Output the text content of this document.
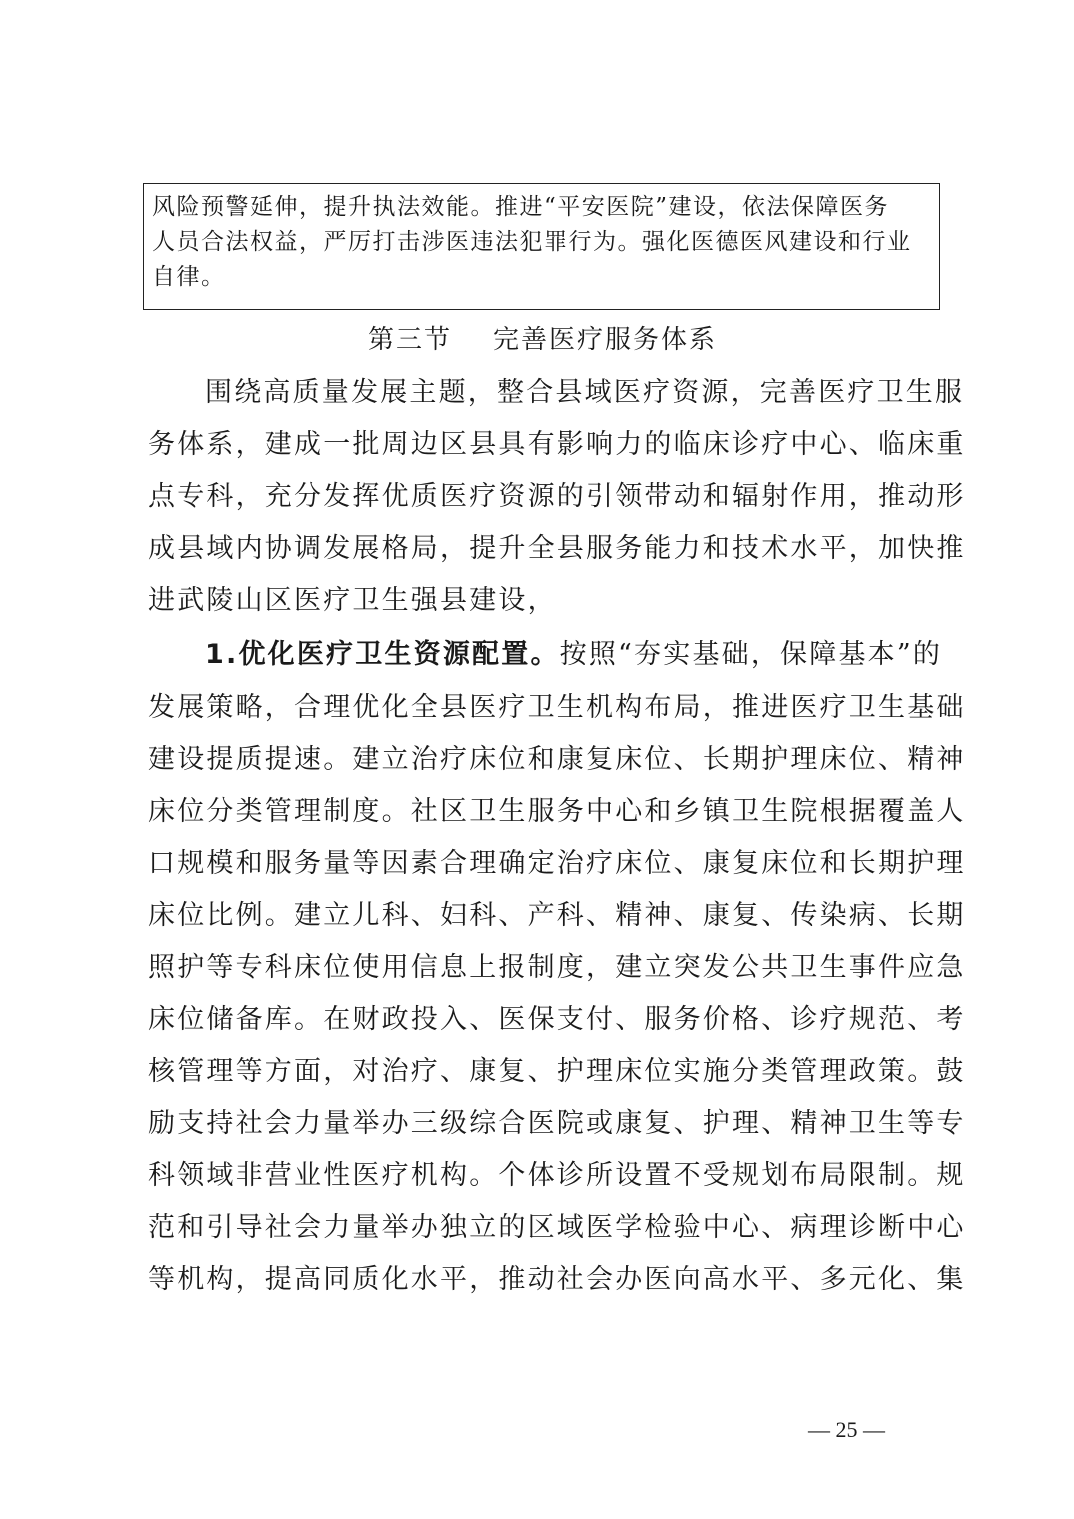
风险预警延伸，提升执法效能。推进“平安医院”建设，依法保障医务
人员合法权益，严厉打击涉医违法犯罪行为。强化医德医风建设和行业
自律。
第三节    完善医疗服务体系
围绕高质量发展主题，整合县域医疗资源，完善医疗卫生服
务体系，建成一批周边区县具有影响力的临床诊疗中心、临床重
点专科，充分发挥优质医疗资源的引领带动和辐射作用，推动形
成县域内协调发展格局，提升全县服务能力和技术水平，加快推
进武陵山区医疗卫生强县建设，
1.优化医疗卫生资源配置。按照“夯实基础，保障基本”的
发展策略，合理优化全县医疗卫生机构布局，推进医疗卫生基础
建设提质提速。建立治疗床位和康复床位、长期护理床位、精神
床位分类管理制度。社区卫生服务中心和乡镇卫生院根据覆盖人
口规模和服务量等因素合理确定治疗床位、康复床位和长期护理
床位比例。建立儿科、妇科、产科、精神、康复、传染病、长期
照护等专科床位使用信息上报制度，建立突发公共卫生事件应急
床位储备库。在财政投入、医保支付、服务价格、诊疗规范、考
核管理等方面，对治疗、康复、护理床位实施分类管理政策。鼓
励支持社会力量举办三级综合医院或康复、护理、精神卫生等专
科领域非营业性医疗机构。个体诊所设置不受规划布局限制。规
范和引导社会力量举办独立的区域医学检验中心、病理诊断中心
等机构，提高同质化水平，推动社会办医向高水平、多元化、集
— 25 —
